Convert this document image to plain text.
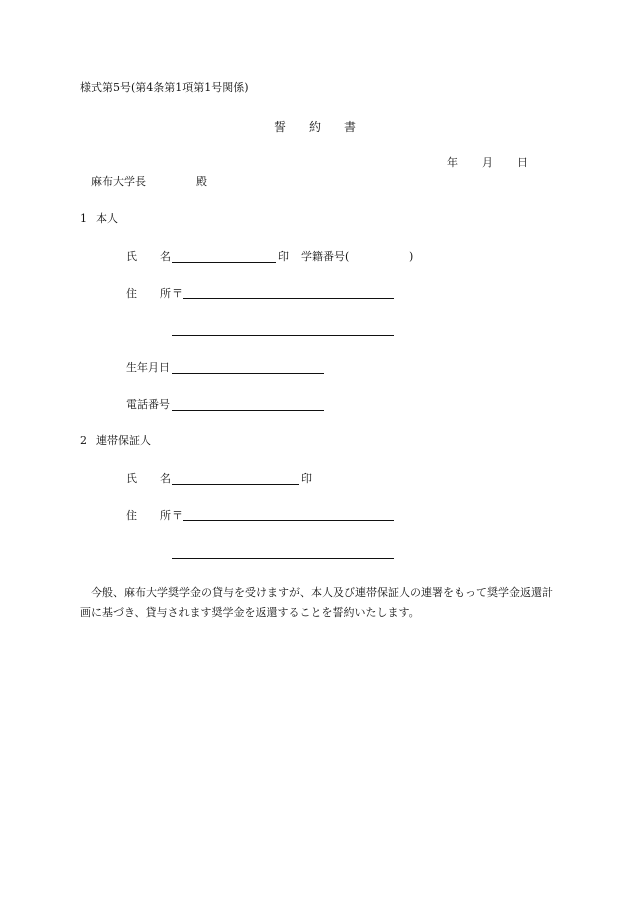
様式第5号(第4条第1項第1号関係)
誓 約 書
年 月 日
麻布大学長	殿
1 本人
氏 名	印 学籍番号(	)
住 所 〒
生年月日
電話番号
2 連帯保証人
氏 名	印
住 所 〒
今般、麻布大学奨学金の貸与を受けますが、本人及び連帯保証人の連署をもって奨学金返還計画に基づき、貸与されます奨学金を返還することを誓約いたします。
